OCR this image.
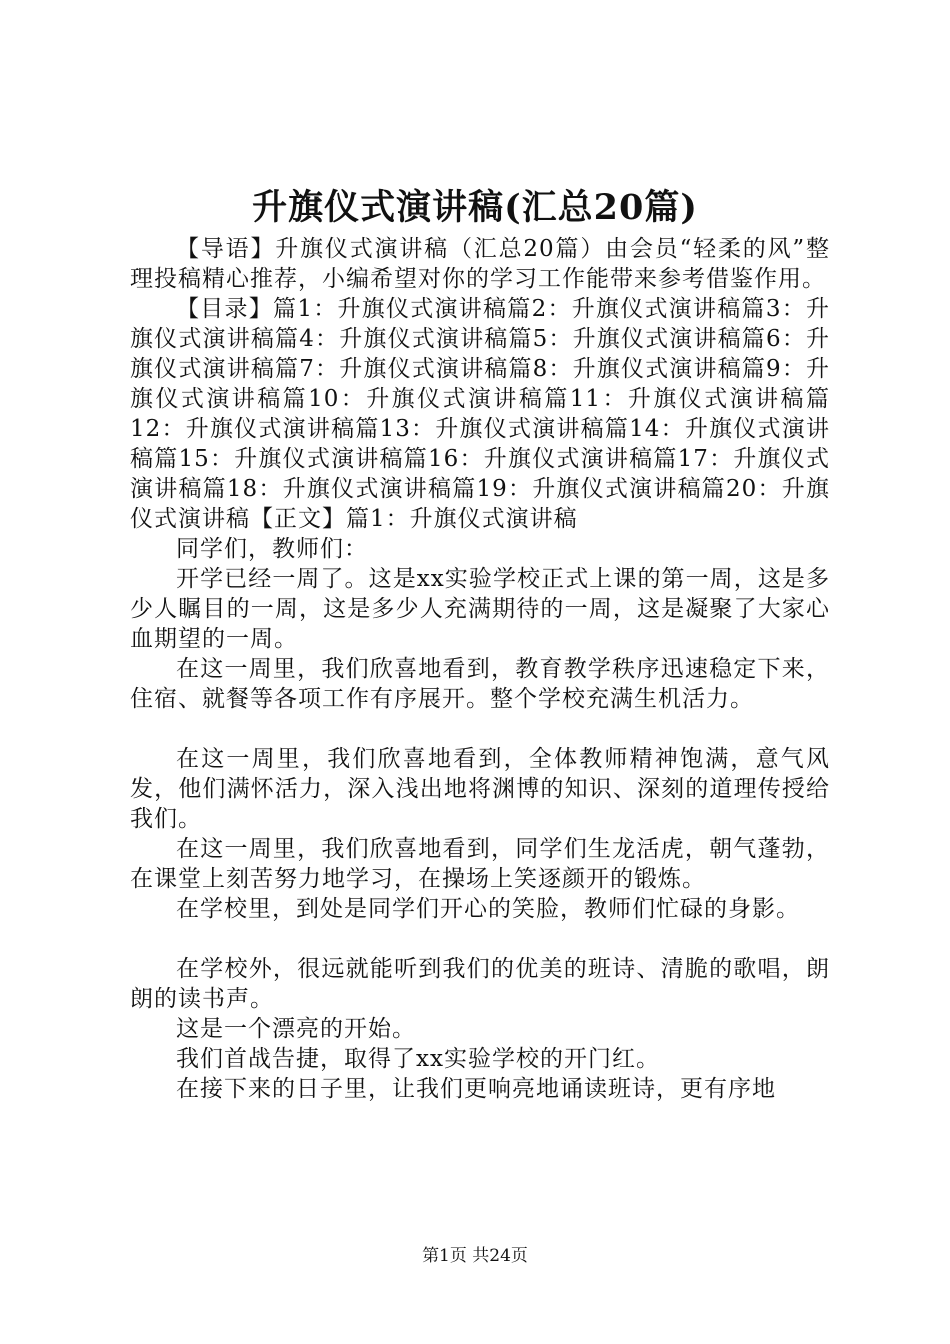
升旗仪式演讲稿(汇总20篇)

【导语】升旗仪式演讲稿（汇总20篇）由会员“轻柔的风”整理投稿精心推荐，小编希望对你的学习工作能带来参考借鉴作用。

【目录】篇1：升旗仪式演讲稿篇2：升旗仪式演讲稿篇3：升旗仪式演讲稿篇4：升旗仪式演讲稿篇5：升旗仪式演讲稿篇6：升旗仪式演讲稿篇7：升旗仪式演讲稿篇8：升旗仪式演讲稿篇9：升旗仪式演讲稿篇10：升旗仪式演讲稿篇11：升旗仪式演讲稿篇12：升旗仪式演讲稿篇13：升旗仪式演讲稿篇14：升旗仪式演讲稿篇15：升旗仪式演讲稿篇16：升旗仪式演讲稿篇17：升旗仪式演讲稿篇18：升旗仪式演讲稿篇19：升旗仪式演讲稿篇20：升旗仪式演讲稿【正文】篇1：升旗仪式演讲稿

同学们，教师们：

开学已经一周了。这是xx实验学校正式上课的第一周，这是多少人瞩目的一周，这是多少人充满期待的一周，这是凝聚了大家心血期望的一周。

在这一周里，我们欣喜地看到，教育教学秩序迅速稳定下来，住宿、就餐等各项工作有序展开。整个学校充满生机活力。

在这一周里，我们欣喜地看到，全体教师精神饱满，意气风发，他们满怀活力，深入浅出地将渊博的知识、深刻的道理传授给我们。

在这一周里，我们欣喜地看到，同学们生龙活虎，朝气蓬勃，在课堂上刻苦努力地学习，在操场上笑逐颜开的锻炼。

在学校里，到处是同学们开心的笑脸，教师们忙碌的身影。

在学校外，很远就能听到我们的优美的班诗、清脆的歌唱，朗朗的读书声。

这是一个漂亮的开始。

我们首战告捷，取得了xx实验学校的开门红。

在接下来的日子里，让我们更响亮地诵读班诗，更有序地

第1页 共24页
